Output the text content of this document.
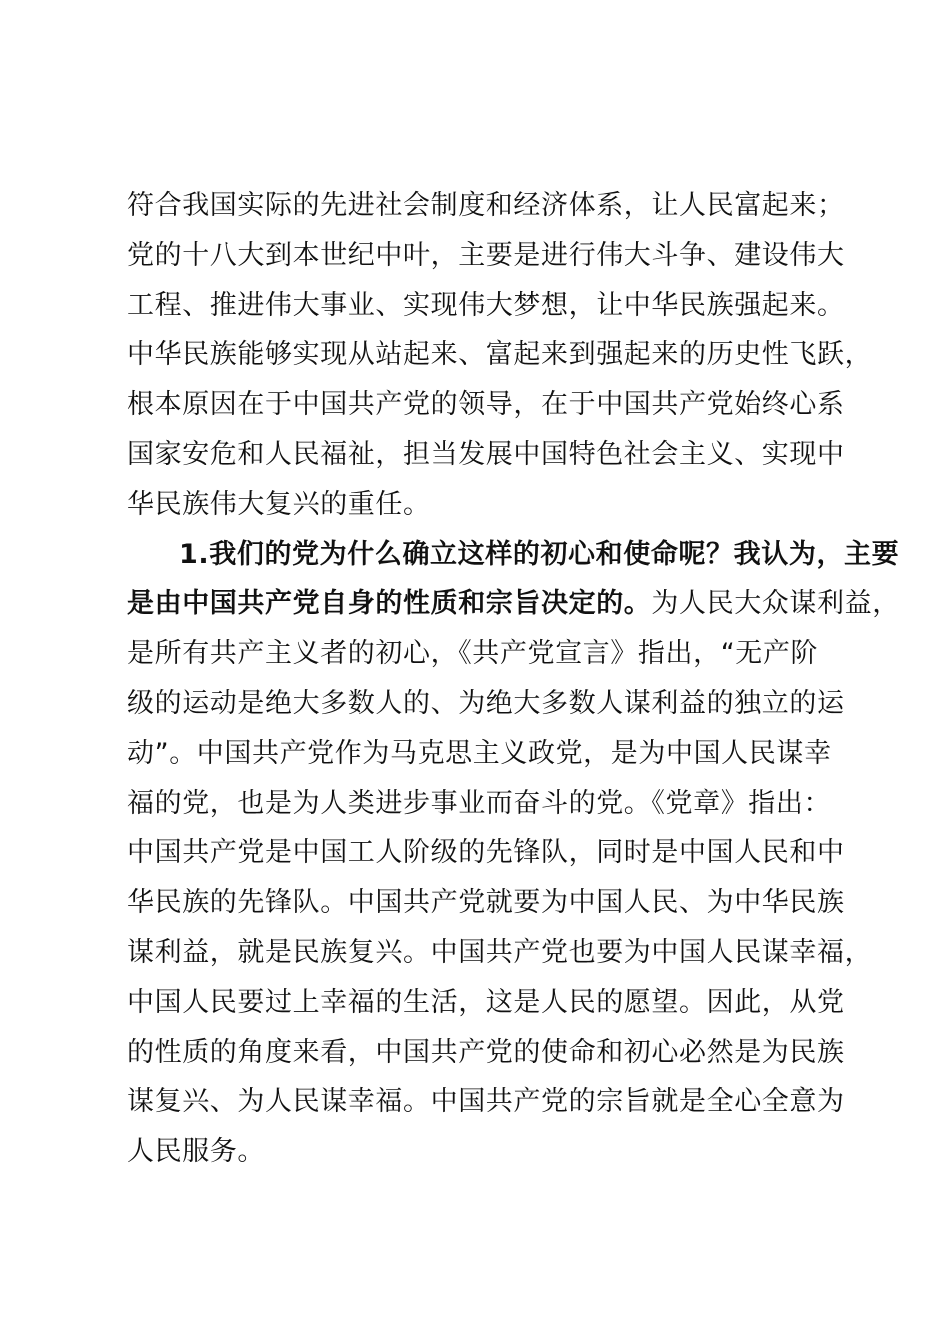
符合我国实际的先进社会制度和经济体系，让人民富起来；
党的十八大到本世纪中叶，主要是进行伟大斗争、建设伟大
工程、推进伟大事业、实现伟大梦想，让中华民族强起来。
中华民族能够实现从站起来、富起来到强起来的历史性飞跃，
根本原因在于中国共产党的领导，在于中国共产党始终心系
国家安危和人民福祉，担当发展中国特色社会主义、实现中
华民族伟大复兴的重任。
1.我们的党为什么确立这样的初心和使命呢？我认为，主要
是由中国共产党自身的性质和宗旨决定的。为人民大众谋利益，
是所有共产主义者的初心，《共产党宣言》指出，“无产阶
级的运动是绝大多数人的、为绝大多数人谋利益的独立的运
动”。中国共产党作为马克思主义政党，是为中国人民谋幸
福的党，也是为人类进步事业而奋斗的党。《党章》指出：
中国共产党是中国工人阶级的先锋队，同时是中国人民和中
华民族的先锋队。中国共产党就要为中国人民、为中华民族
谋利益，就是民族复兴。中国共产党也要为中国人民谋幸福，
中国人民要过上幸福的生活，这是人民的愿望。因此，从党
的性质的角度来看，中国共产党的使命和初心必然是为民族
谋复兴、为人民谋幸福。中国共产党的宗旨就是全心全意为
人民服务。
